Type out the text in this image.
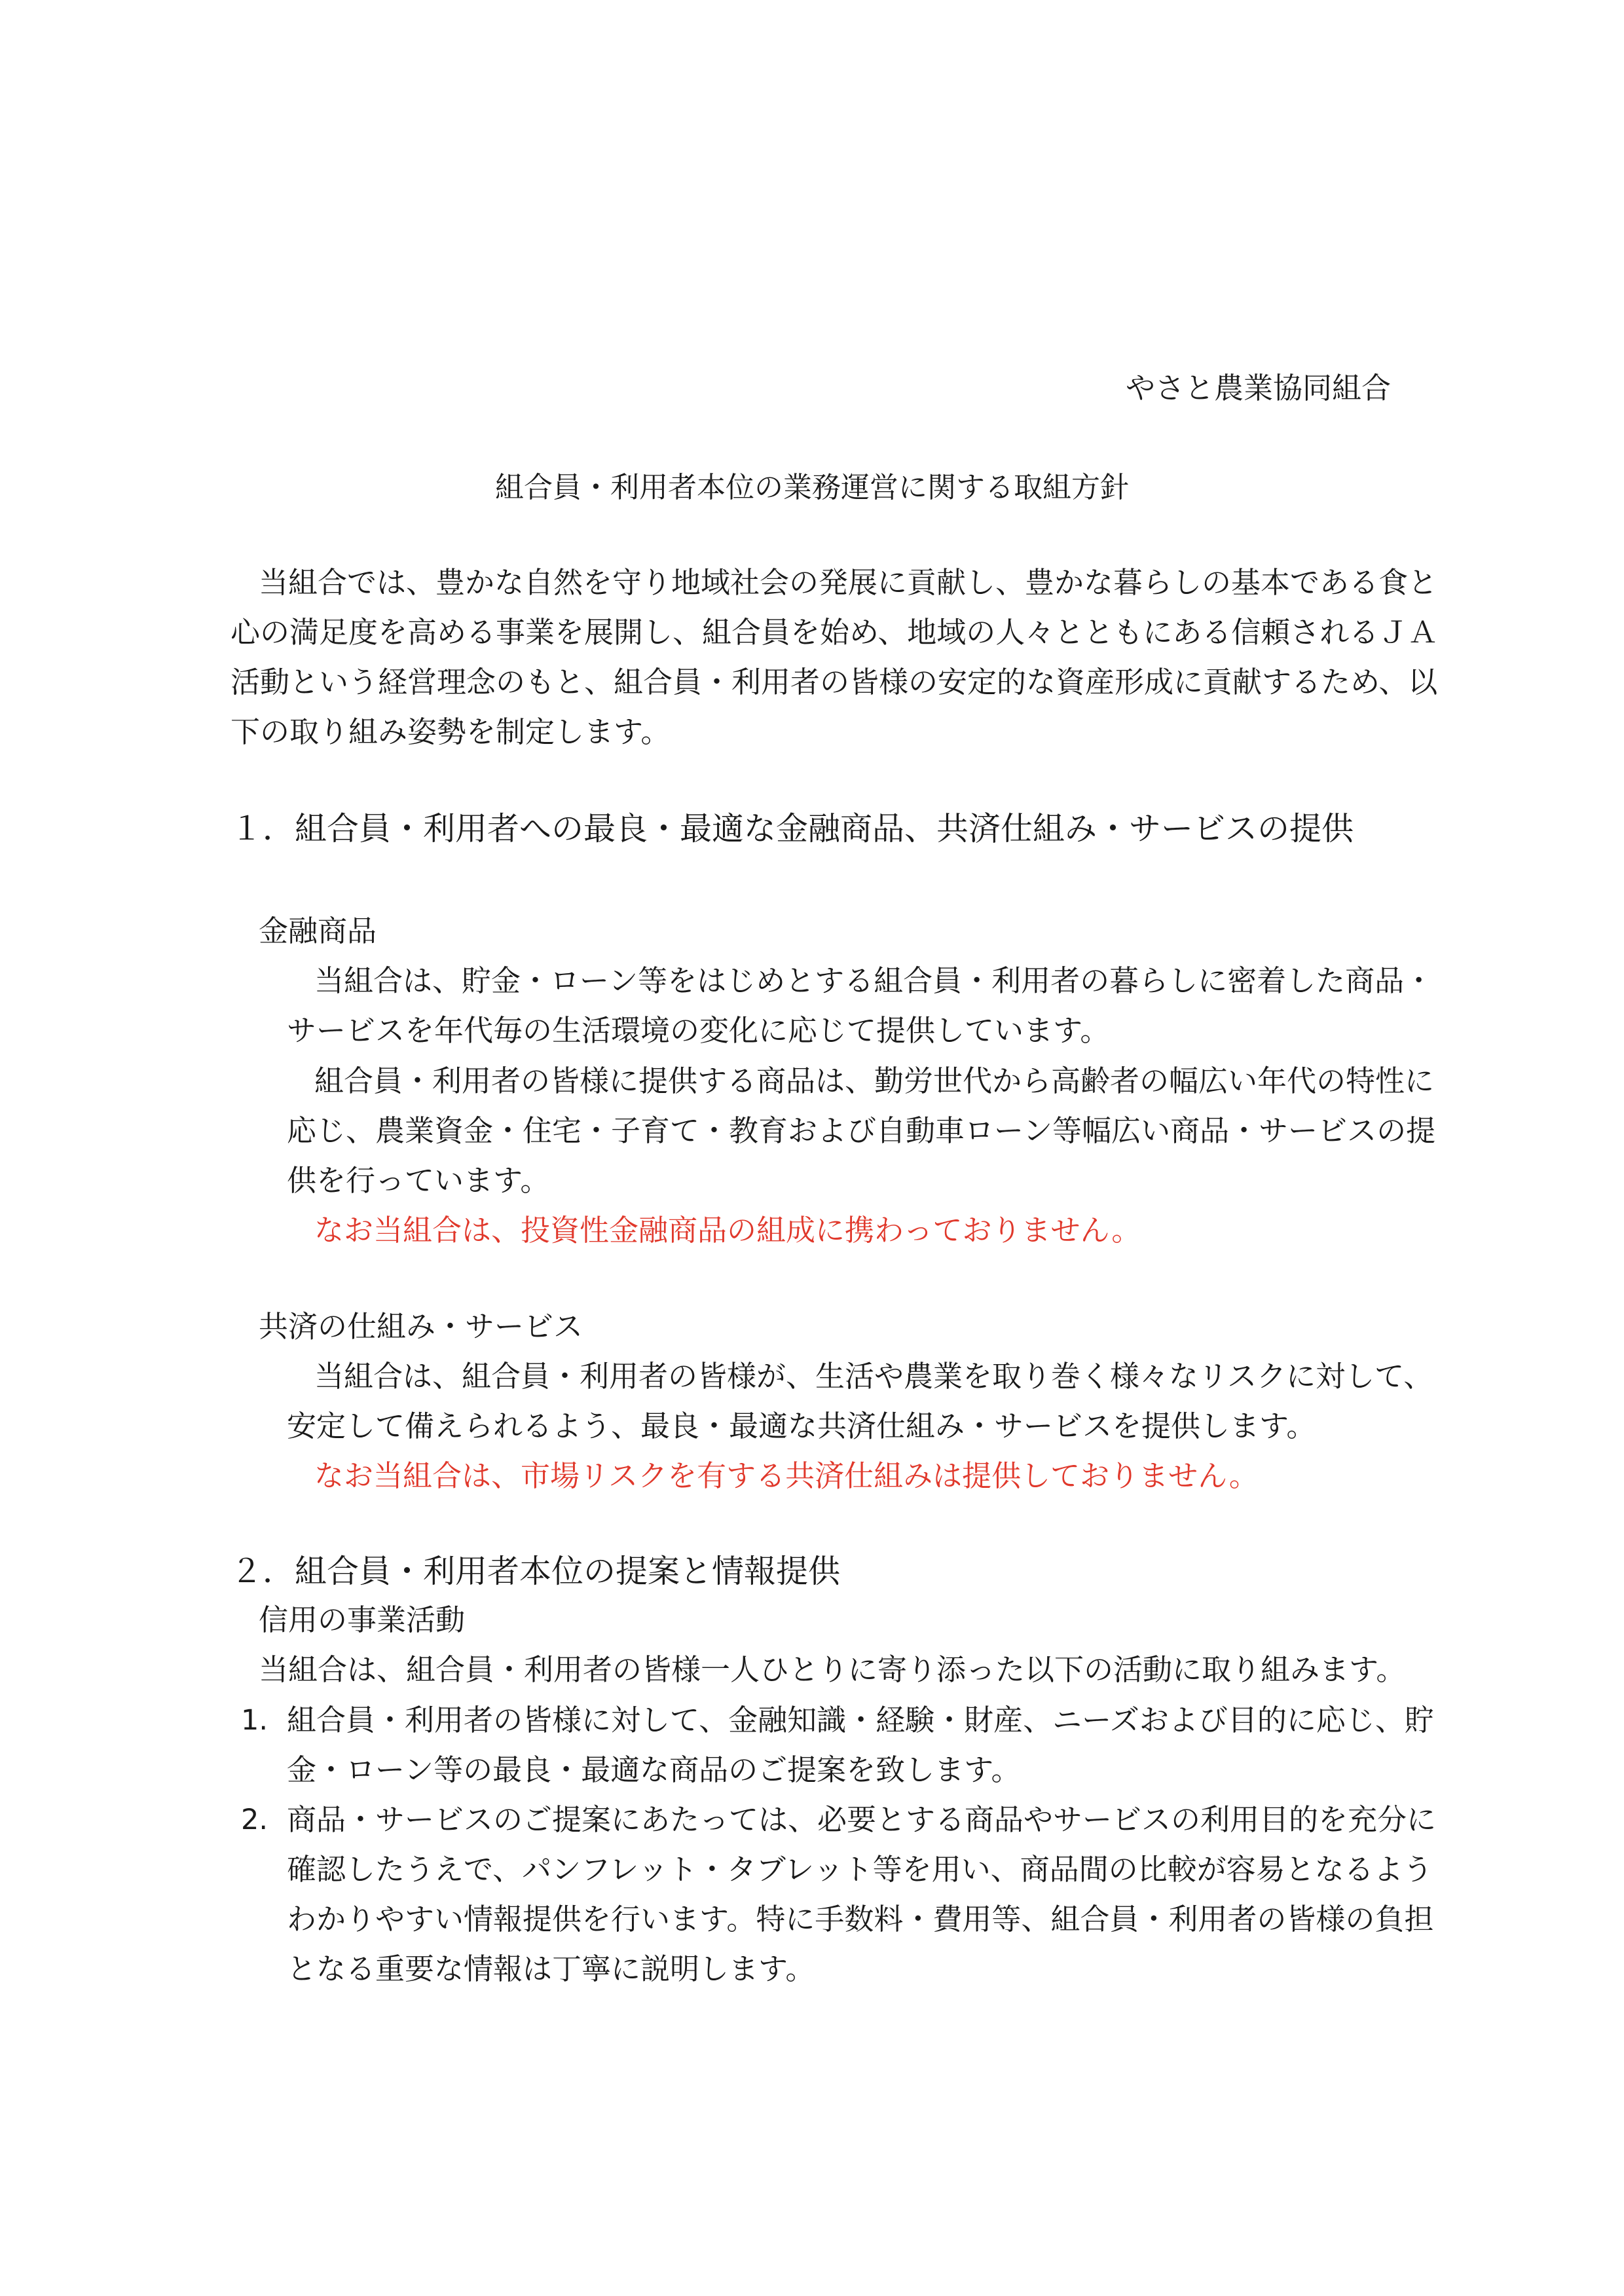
やさと農業協同組合
組合員・利用者本位の業務運営に関する取組方針
当組合では、豊かな自然を守り地域社会の発展に貢献し、豊かな暮らしの基本である食と
心の満足度を高める事業を展開し、組合員を始め、地域の人々とともにある信頼されるＪＡ
活動という経営理念のもと、組合員・利用者の皆様の安定的な資産形成に貢献するため、以
下の取り組み姿勢を制定します。
１．組合員・利用者への最良・最適な金融商品、共済仕組み・サービスの提供
金融商品
当組合は、貯金・ローン等をはじめとする組合員・利用者の暮らしに密着した商品・
サービスを年代毎の生活環境の変化に応じて提供しています。
組合員・利用者の皆様に提供する商品は、勤労世代から高齢者の幅広い年代の特性に
応じ、農業資金・住宅・子育て・教育および自動車ローン等幅広い商品・サービスの提
供を行っています。
なお当組合は、投資性金融商品の組成に携わっておりません。
共済の仕組み・サービス
当組合は、組合員・利用者の皆様が、生活や農業を取り巻く様々なリスクに対して、
安定して備えられるよう、最良・最適な共済仕組み・サービスを提供します。
なお当組合は、市場リスクを有する共済仕組みは提供しておりません。
２．組合員・利用者本位の提案と情報提供
信用の事業活動
当組合は、組合員・利用者の皆様一人ひとりに寄り添った以下の活動に取り組みます。
1. 組合員・利用者の皆様に対して、金融知識・経験・財産、ニーズおよび目的に応じ、貯
金・ローン等の最良・最適な商品のご提案を致します。
2. 商品・サービスのご提案にあたっては、必要とする商品やサービスの利用目的を充分に
確認したうえで、パンフレット・タブレット等を用い、商品間の比較が容易となるよう
わかりやすい情報提供を行います。特に手数料・費用等、組合員・利用者の皆様の負担
となる重要な情報は丁寧に説明します。
